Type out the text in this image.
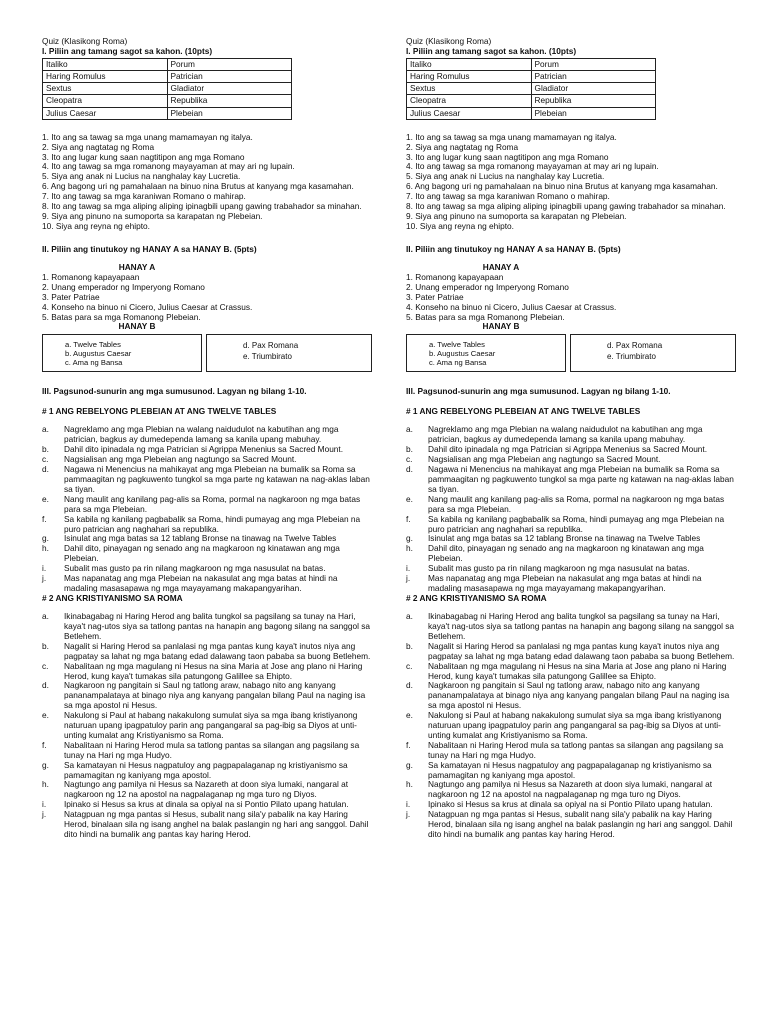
Quiz (Klasikong Roma)

I. Piliin ang tamang sagot sa kahon. (10pts)

Italiko	Porum
Haring Romulus	Patrician
Sextus	Gladiator
Cleopatra	Republika
Julius Caesar	Plebeian
1. Ito ang sa tawag sa mga unang mamamayan ng italya.
2. Siya ang nagtatag ng Roma
3. Ito ang lugar kung saan nagtitipon ang mga Romano
4. Ito ang tawag sa mga romanong mayayaman at may ari ng lupain.
5. Siya ang anak ni Lucius na nanghalay kay Lucretia.
6. Ang bagong uri ng pamahalaan na binuo nina Brutus at kanyang mga kasamahan.
7. Ito ang tawag sa mga karaniwan Romano o mahirap.
8. Ito ang tawag sa mga aliping aliping ipinagbili upang gawing trabahador sa minahan.
9. Siya ang pinuno na sumoporta sa karapatan ng Plebeian.
10. Siya ang reyna ng ehipto.

II. Piliin ang tinutukoy ng HANAY A sa HANAY B. (5pts)

HANAY A
1. Romanong kapayapaan
2. Unang emperador ng Imperyong Romano
3. Pater Patriae
4. Konseho na binuo ni Cicero, Julius Caesar at Crassus.
5. Batas para sa mga Romanong Plebeian.
HANAY B
a. Twelve Tables
b. Augustus Caesar
c. Ama ng Bansa
d. Pax Romana
e. Triumbirato

III. Pagsunod-sunurin ang mga sumusunod. Lagyan ng bilang 1-10.

# 1 ANG REBELYONG PLEBEIAN AT ANG TWELVE TABLES

a.	Nagreklamo ang mga Plebian na walang naidudulot na kabutihan ang mga patrician, bagkus ay dumedependa lamang sa kanila upang mabuhay.
b.	Dahil dito ipinadala ng mga Patrician si Agrippa Menenius sa Sacred Mount.
c.	Nagsialisan ang mga Plebeian ang nagtungo sa Sacred Mount.
d.	Nagawa ni Menencius na mahikayat ang mga Plebeian na bumalik sa Roma sa pammaagitan ng pagkuwento tungkol sa mga parte ng katawan na nag-aklas laban sa tiyan.
e.	Nang maulit ang kanilang pag-alis sa Roma, pormal na nagkaroon ng mga batas para sa mga Plebeian.
f.	Sa kabila ng kanilang pagbabalik sa Roma, hindi pumayag ang mga Plebeian na puro patrician ang naghahari sa republika.
g.	Isinulat ang mga batas sa 12 tablang Bronse na tinawag na Twelve Tables
h.	Dahil dito, pinayagan ng senado ang na magkaroon ng kinatawan ang mga Plebeian.
i.	Subalit mas gusto pa rin nilang magkaroon ng mga nasusulat na batas.
j.	Mas napanatag ang mga Plebeian na nakasulat ang mga batas at hindi na madaling masasapawa ng mga mayayamang makapangyarihan.

# 2 ANG KRISTIYANISMO SA ROMA

a.	Ikinabagabag ni Haring Herod ang balita tungkol sa pagsilang sa tunay na Hari, kaya't nag-utos siya sa tatlong pantas na hanapin ang bagong silang na sanggol sa Betlehem.
b.	Nagalit si Haring Herod sa panlalasi ng mga pantas kung kaya't inutos niya ang pagpatay sa lahat ng mga batang edad dalawang taon pababa sa buong Betlehem.
c.	Nabalitaan ng mga magulang ni Hesus na sina Maria at Jose ang plano ni Haring Herod, kung kaya't tumakas sila patungong Galillee sa Ehipto.
d.	Nagkaroon ng pangitain si Saul ng tatlong araw, nabago nito ang kanyang pananampalataya at binago niya ang kanyang pangalan bilang Paul na naging isa sa mga apostol ni Hesus.
e.	Nakulong si Paul at habang nakakulong sumulat siya sa mga ibang kristiyanong naturuan upang ipagpatuloy parin ang pangangaral sa pag-ibig sa Diyos at unti-unting kumalat ang Kristiyanismo sa Roma.
f.	Nabalitaan ni Haring Herod mula sa tatlong pantas sa silangan ang pagsilang sa tunay na Hari ng mga Hudyo.
g.	Sa kamatayan ni Hesus nagpatuloy ang pagpapalaganap ng kristiyanismo sa pamamagitan ng kaniyang mga apostol.
h.	Nagtungo ang pamilya ni Hesus sa Nazareth at doon siya lumaki, nangaral at nagkaroon ng 12 na apostol na nagpalaganap ng mga turo ng Diyos.
i.	Ipinako si Hesus sa krus at dinala sa opiyal na si Pontio Pilato upang hatulan.
j.	Natagpuan ng mga pantas si Hesus, subalit nang sila'y pabalik na kay Haring Herod, binalaan sila ng isang anghel na balak paslangin ng hari ang sanggol. Dahil dito hindi na bumalik ang pantas kay haring Herod.

Quiz (Klasikong Roma)

I. Piliin ang tamang sagot sa kahon. (10pts)

Italiko	Porum
Haring Romulus	Patrician
Sextus	Gladiator
Cleopatra	Republika
Julius Caesar	Plebeian
1. Ito ang sa tawag sa mga unang mamamayan ng italya.
2. Siya ang nagtatag ng Roma
3. Ito ang lugar kung saan nagtitipon ang mga Romano
4. Ito ang tawag sa mga romanong mayayaman at may ari ng lupain.
5. Siya ang anak ni Lucius na nanghalay kay Lucretia.
6. Ang bagong uri ng pamahalaan na binuo nina Brutus at kanyang mga kasamahan.
7. Ito ang tawag sa mga karaniwan Romano o mahirap.
8. Ito ang tawag sa mga aliping aliping ipinagbili upang gawing trabahador sa minahan.
9. Siya ang pinuno na sumoporta sa karapatan ng Plebeian.
10. Siya ang reyna ng ehipto.

II. Piliin ang tinutukoy ng HANAY A sa HANAY B. (5pts)

HANAY A
1. Romanong kapayapaan
2. Unang emperador ng Imperyong Romano
3. Pater Patriae
4. Konseho na binuo ni Cicero, Julius Caesar at Crassus.
5. Batas para sa mga Romanong Plebeian.
HANAY B
a. Twelve Tables
b. Augustus Caesar
c. Ama ng Bansa
d. Pax Romana
e. Triumbirato

III. Pagsunod-sunurin ang mga sumusunod. Lagyan ng bilang 1-10.

# 1 ANG REBELYONG PLEBEIAN AT ANG TWELVE TABLES

a.	Nagreklamo ang mga Plebian na walang naidudulot na kabutihan ang mga patrician, bagkus ay dumedependa lamang sa kanila upang mabuhay.
b.	Dahil dito ipinadala ng mga Patrician si Agrippa Menenius sa Sacred Mount.
c.	Nagsialisan ang mga Plebeian ang nagtungo sa Sacred Mount.
d.	Nagawa ni Menencius na mahikayat ang mga Plebeian na bumalik sa Roma sa pammaagitan ng pagkuwento tungkol sa mga parte ng katawan na nag-aklas laban sa tiyan.
e.	Nang maulit ang kanilang pag-alis sa Roma, pormal na nagkaroon ng mga batas para sa mga Plebeian.
f.	Sa kabila ng kanilang pagbabalik sa Roma, hindi pumayag ang mga Plebeian na puro patrician ang naghahari sa republika.
g.	Isinulat ang mga batas sa 12 tablang Bronse na tinawag na Twelve Tables
h.	Dahil dito, pinayagan ng senado ang na magkaroon ng kinatawan ang mga Plebeian.
i.	Subalit mas gusto pa rin nilang magkaroon ng mga nasusulat na batas.
j.	Mas napanatag ang mga Plebeian na nakasulat ang mga batas at hindi na madaling masasapawa ng mga mayayamang makapangyarihan.

# 2 ANG KRISTIYANISMO SA ROMA

a.	Ikinabagabag ni Haring Herod ang balita tungkol sa pagsilang sa tunay na Hari, kaya't nag-utos siya sa tatlong pantas na hanapin ang bagong silang na sanggol sa Betlehem.
b.	Nagalit si Haring Herod sa panlalasi ng mga pantas kung kaya't inutos niya ang pagpatay sa lahat ng mga batang edad dalawang taon pababa sa buong Betlehem.
c.	Nabalitaan ng mga magulang ni Hesus na sina Maria at Jose ang plano ni Haring Herod, kung kaya't tumakas sila patungong Galillee sa Ehipto.
d.	Nagkaroon ng pangitain si Saul ng tatlong araw, nabago nito ang kanyang pananampalataya at binago niya ang kanyang pangalan bilang Paul na naging isa sa mga apostol ni Hesus.
e.	Nakulong si Paul at habang nakakulong sumulat siya sa mga ibang kristiyanong naturuan upang ipagpatuloy parin ang pangangaral sa pag-ibig sa Diyos at unti-unting kumalat ang Kristiyanismo sa Roma.
f.	Nabalitaan ni Haring Herod mula sa tatlong pantas sa silangan ang pagsilang sa tunay na Hari ng mga Hudyo.
g.	Sa kamatayan ni Hesus nagpatuloy ang pagpapalaganap ng kristiyanismo sa pamamagitan ng kaniyang mga apostol.
h.	Nagtungo ang pamilya ni Hesus sa Nazareth at doon siya lumaki, nangaral at nagkaroon ng 12 na apostol na nagpalaganap ng mga turo ng Diyos.
i.	Ipinako si Hesus sa krus at dinala sa opiyal na si Pontio Pilato upang hatulan.
j.	Natagpuan ng mga pantas si Hesus, subalit nang sila'y pabalik na kay Haring Herod, binalaan sila ng isang anghel na balak paslangin ng hari ang sanggol. Dahil dito hindi na bumalik ang pantas kay haring Herod.
